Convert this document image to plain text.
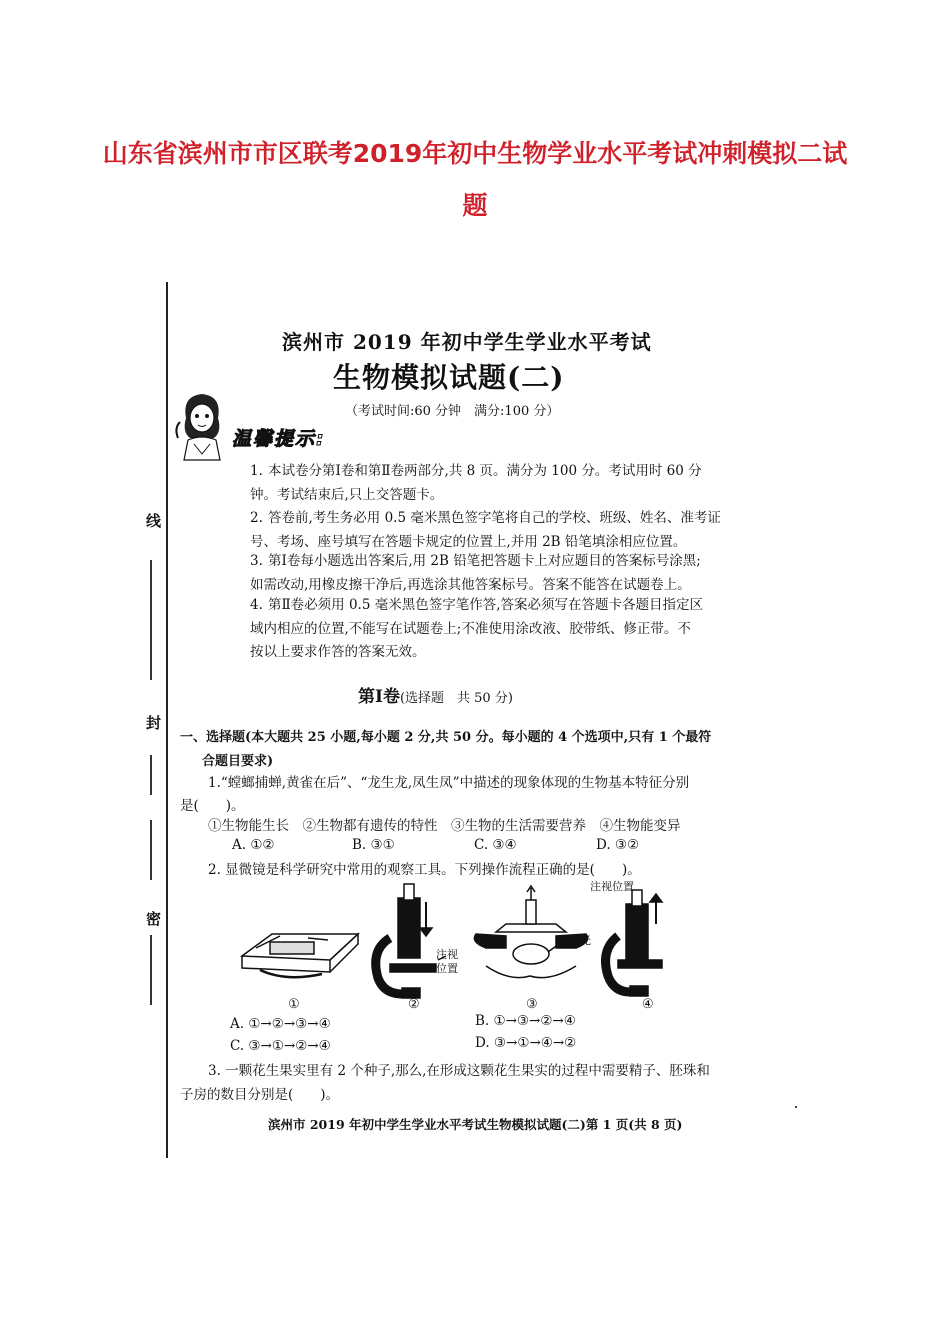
山东省滨州市市区联考2019年初中生物学业水平考试冲刺模拟二试
题
线
封
密
滨州市 2019 年初中学生学业水平考试
生物模拟试题(二)
（考试时间:60 分钟　满分:100 分）
温馨提示:
1. 本试卷分第Ⅰ卷和第Ⅱ卷两部分,共 8 页。满分为 100 分。考试用时 60 分
钟。考试结束后,只上交答题卡。
2. 答卷前,考生务必用 0.5 毫米黑色签字笔将自己的学校、班级、姓名、准考证
号、考场、座号填写在答题卡规定的位置上,并用 2B 铅笔填涂相应位置。
3. 第Ⅰ卷每小题选出答案后,用 2B 铅笔把答题卡上对应题目的答案标号涂黑;
如需改动,用橡皮擦干净后,再选涂其他答案标号。答案不能答在试题卷上。
4. 第Ⅱ卷必须用 0.5 毫米黑色签字笔作答,答案必须写在答题卡各题目指定区
域内相应的位置,不能写在试题卷上;不准使用涂改液、胶带纸、修正带。不
按以上要求作答的答案无效。
第Ⅰ卷(选择题　共 50 分)
一、选择题(本大题共 25 小题,每小题 2 分,共 50 分。每小题的 4 个选项中,只有 1 个最符
合题目要求)
1.“螳螂捕蝉,黄雀在后”、“龙生龙,凤生凤”中描述的现象体现的生物基本特征分别
是(　　)。
①生物能生长　②生物都有遗传的特性　③生物的生活需要营养　④生物能变异
A. ①②	B. ③①	C. ③④	D. ③②
2. 显微镜是科学研究中常用的观察工具。下列操作流程正确的是(　　)。
注视位置
注视
位置
光
①	②	③	④
A. ①→②→③→④	B. ①→③→②→④
C. ③→①→②→④	D. ③→①→④→②
3. 一颗花生果实里有 2 个种子,那么,在形成这颗花生果实的过程中需要精子、胚珠和
子房的数目分别是(　　)。
滨州市 2019 年初中学生学业水平考试生物模拟试题(二)第 1 页(共 8 页)
